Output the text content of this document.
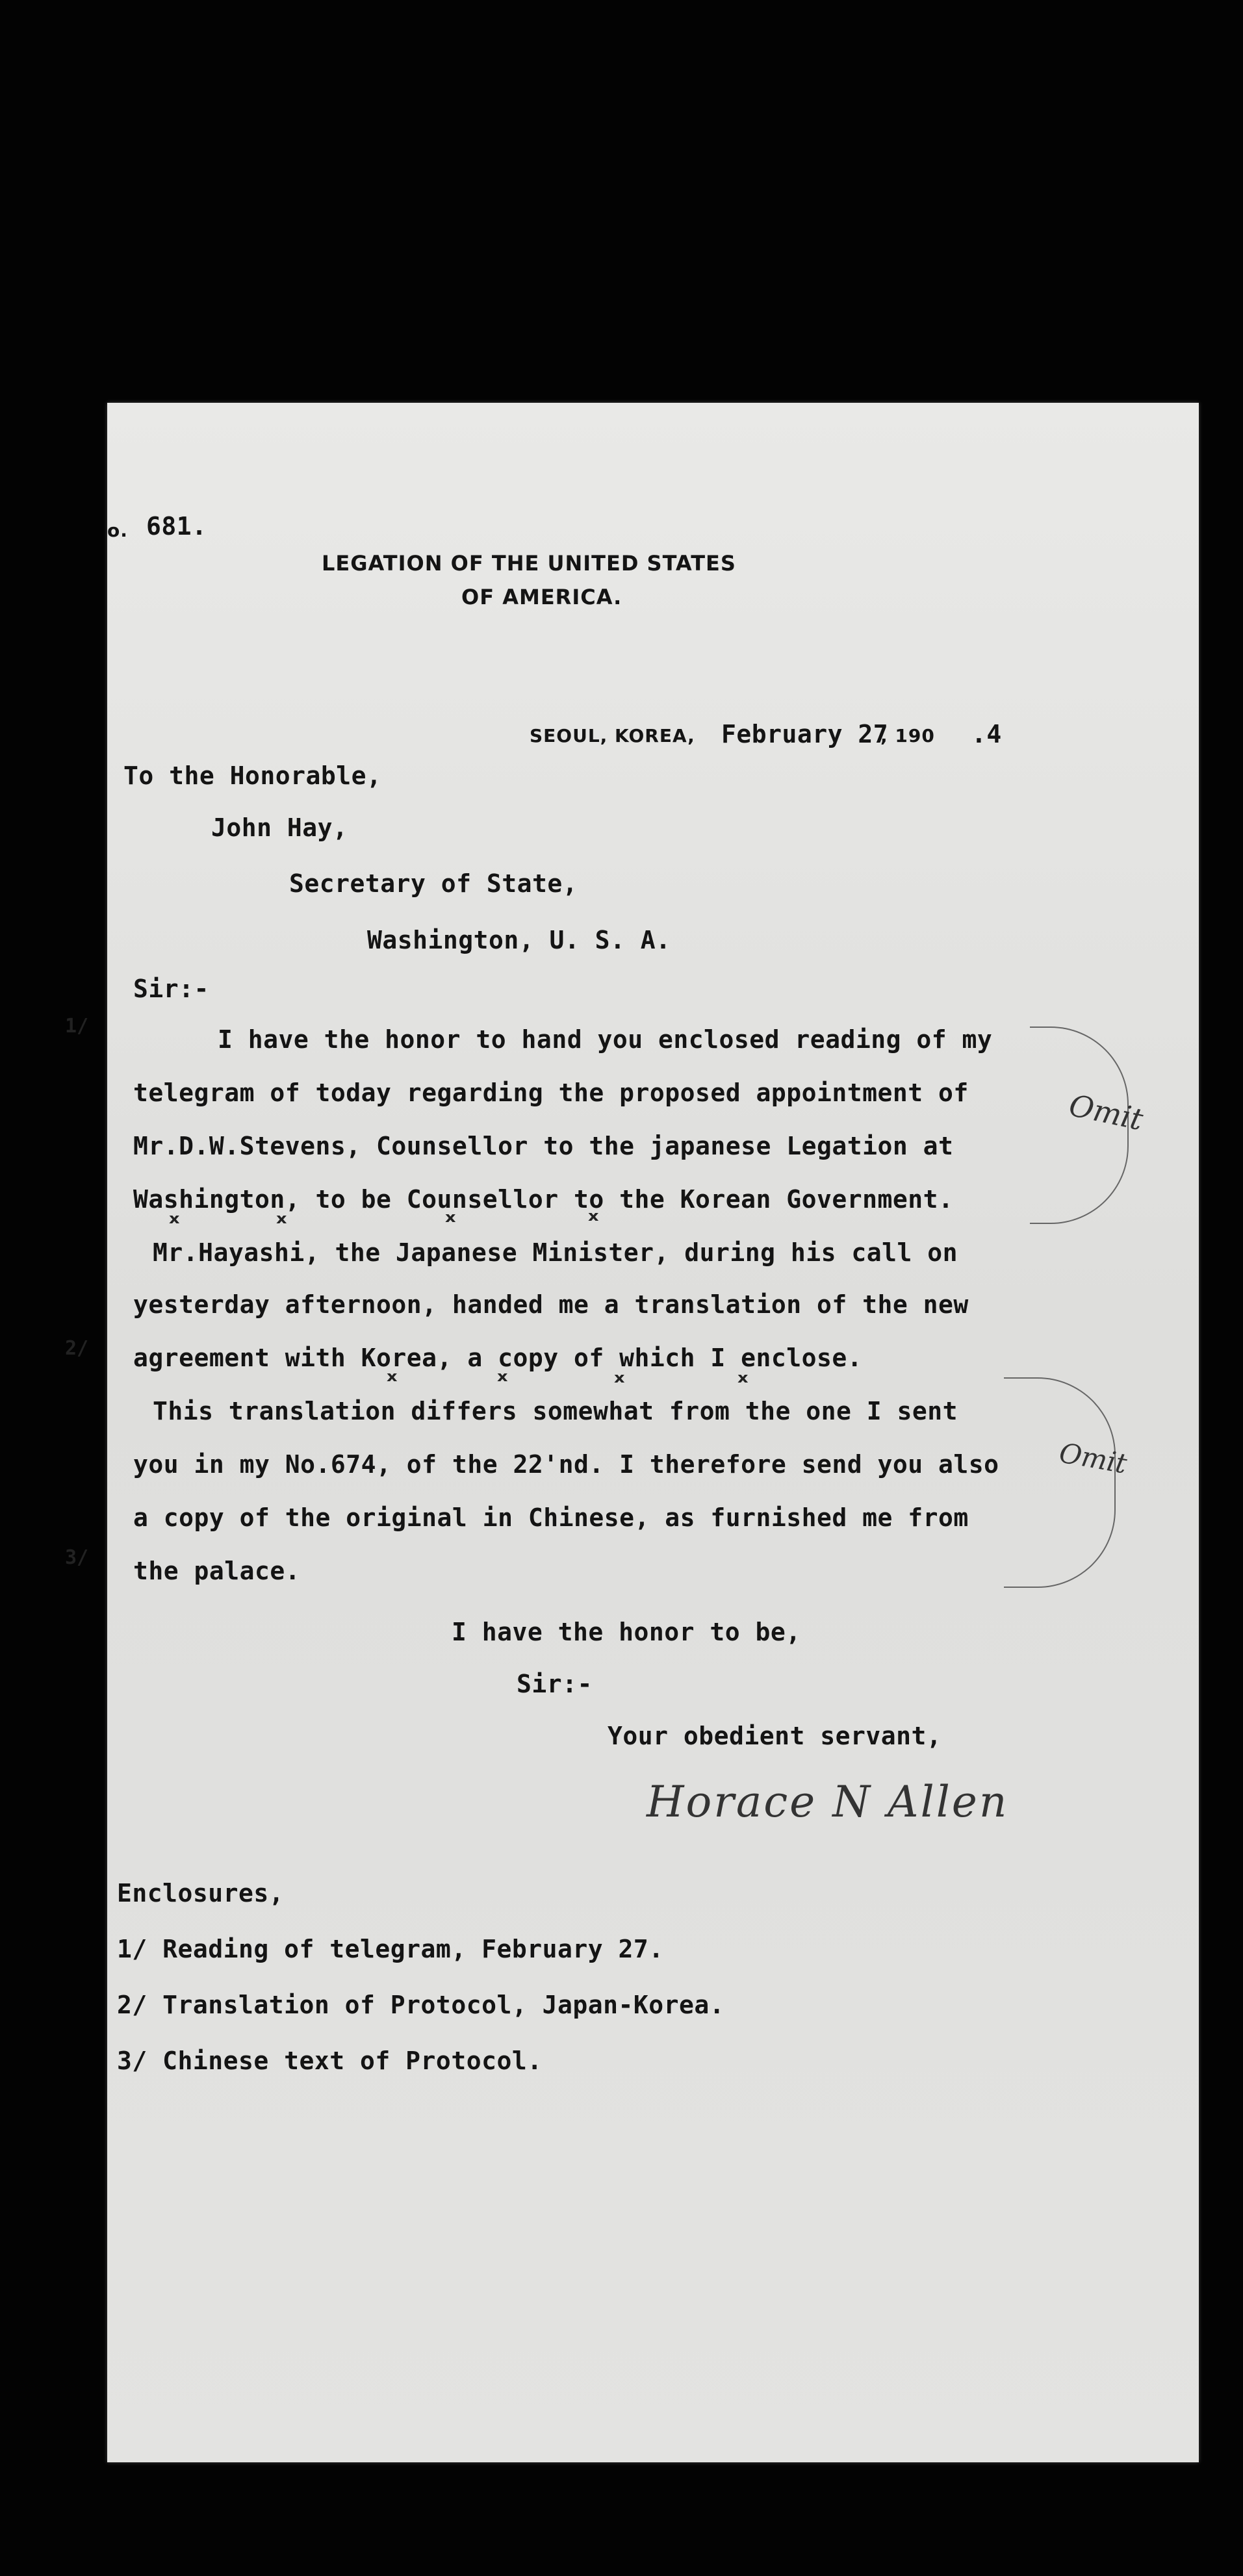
o. 681.
LEGATION OF THE UNITED STATES
OF AMERICA.
SEOUL, KOREA, February 27
, 190 .4
To the Honorable,
John Hay,
Secretary of State,
Washington, U. S. A.
Sir:-
I have the honor to hand you enclosed reading of my
telegram of today regarding the proposed appointment of
Mr.D.W.Stevens, Counsellor to the japanese Legation at
Washington, to be Counsellor to the Korean Government.
Mr.Hayashi, the Japanese Minister, during his call on
yesterday afternoon, handed me a translation of the new
agreement with Korea, a copy of which I enclose.
This translation differs somewhat from the one I sent
you in my No.674, of the 22'nd. I therefore send you also
a copy of the original in Chinese, as furnished me from
the palace.
I have the honor to be,
Sir:-
Your obedient servant,
Horace N Allen
Enclosures,
1/ Reading of telegram, February 27.
2/ Translation of Protocol, Japan-Korea.
3/ Chinese text of Protocol.
Omit
Omit
ˣ	ˣ	ˣ	ˣ
ˣ	ˣ	ˣ	ˣ
1/
2/
3/
